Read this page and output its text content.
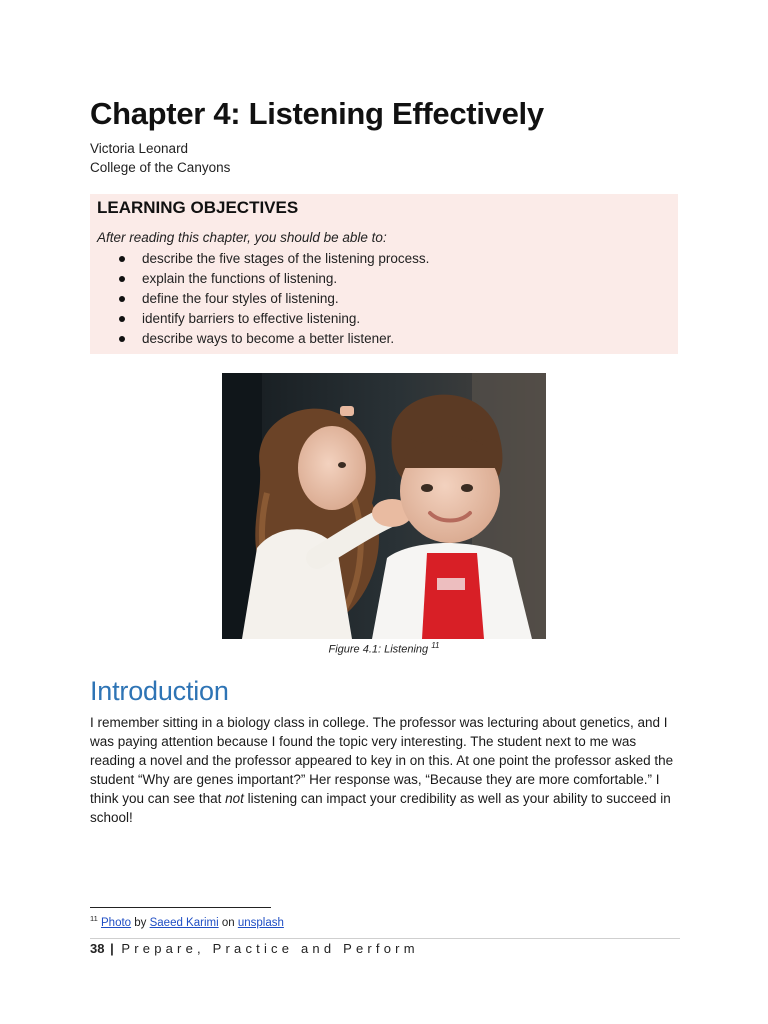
Chapter 4: Listening Effectively
Victoria Leonard
College of the Canyons
LEARNING OBJECTIVES
After reading this chapter, you should be able to:
describe the five stages of the listening process.
explain the functions of listening.
define the four styles of listening.
identify barriers to effective listening.
describe ways to become a better listener.
Figure 4.1: Listening $^{11}$
Introduction

I remember sitting in a biology class in college. The professor was lecturing about genetics, and I was paying attention because I found the topic very interesting. The student next to me was reading a novel and the professor appeared to key in on this. At one point the professor asked the student “Why are genes important?” Her response was, “Because they are more comfortable.” I think you can see that not listening can impact your credibility as well as your ability to succeed in school!

$^{11}$ Photo by Saeed Karimi on unsplash
38 | Prepare, Practice and Perform
